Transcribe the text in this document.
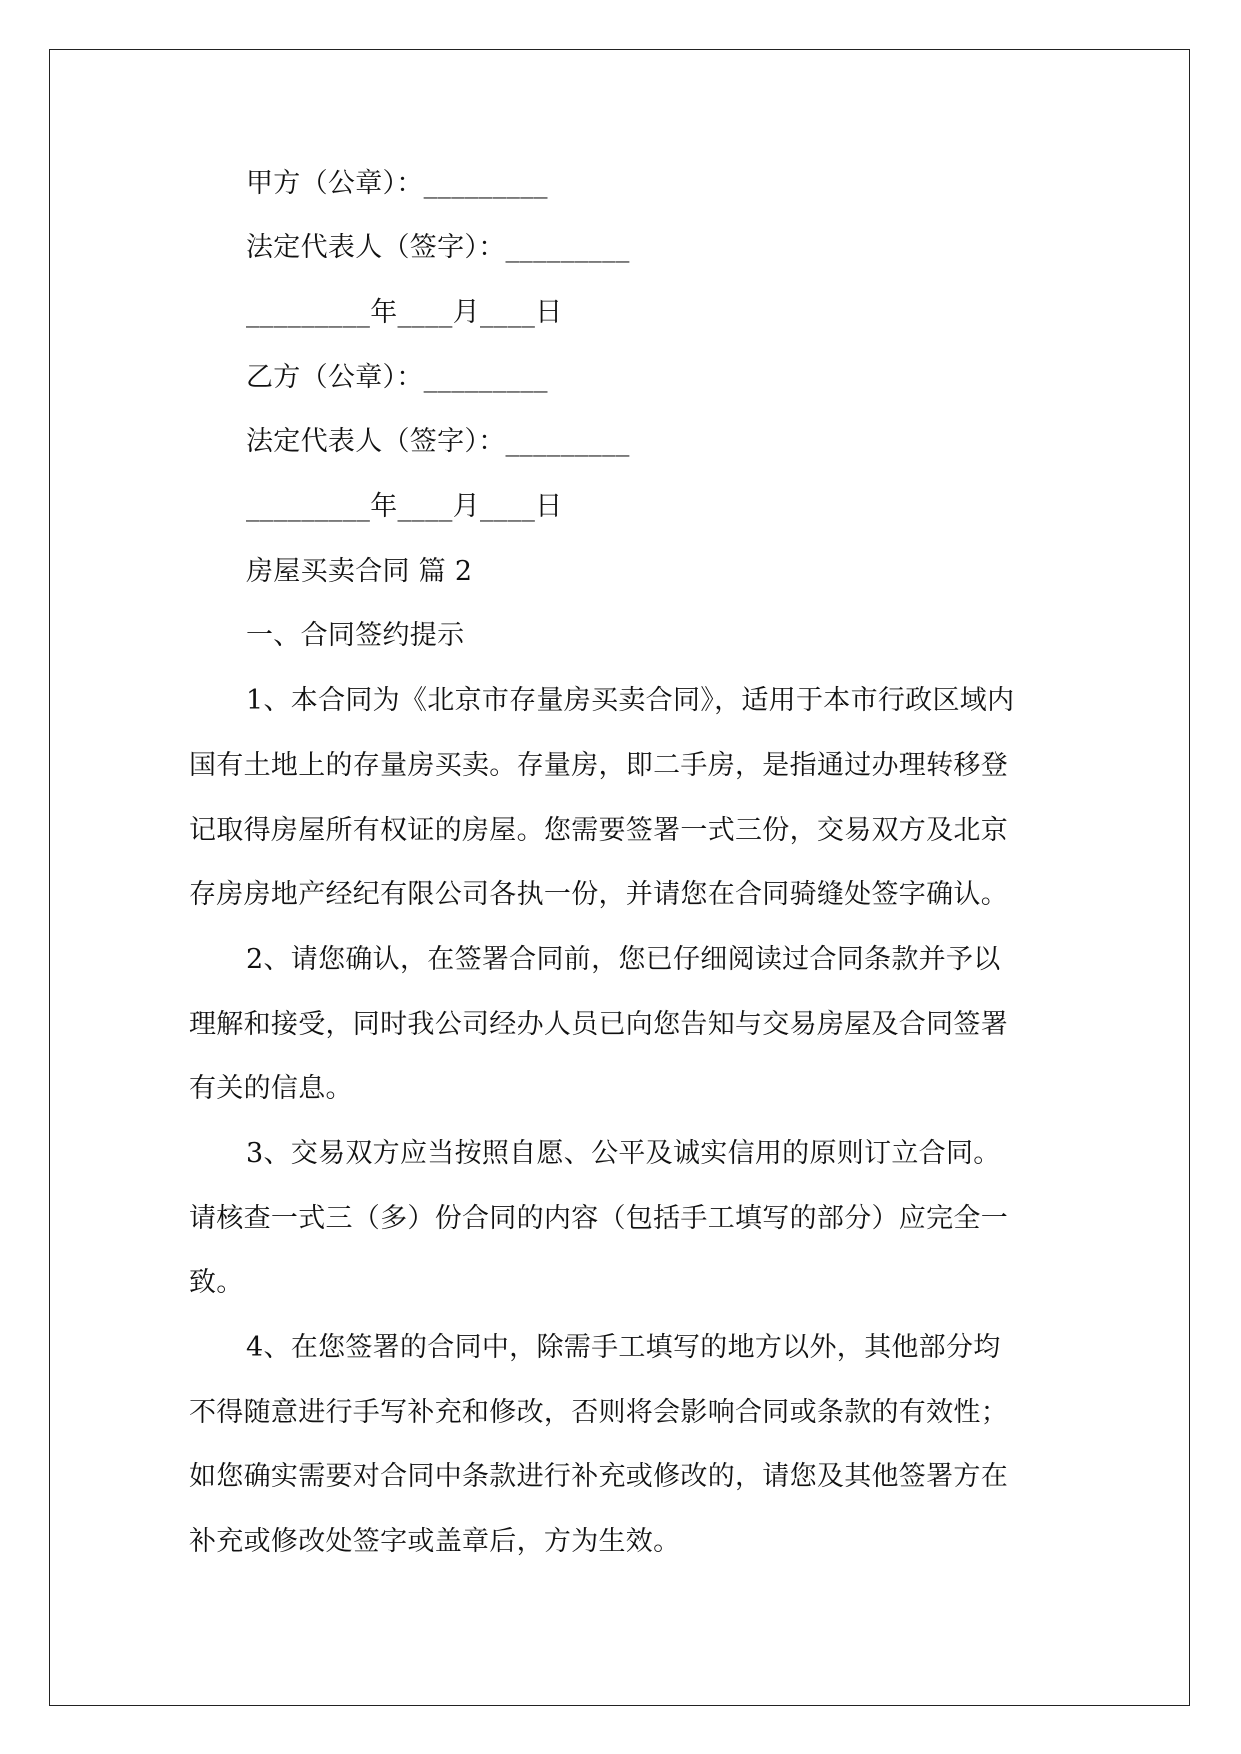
甲方（公章）：_________
法定代表人（签字）：_________
_________年____月____日
乙方（公章）：_________
法定代表人（签字）：_________
_________年____月____日
房屋买卖合同 篇 2
一、合同签约提示
1、本合同为《北京市存量房买卖合同》，适用于本市行政区域内
国有土地上的存量房买卖。存量房，即二手房，是指通过办理转移登
记取得房屋所有权证的房屋。您需要签署一式三份，交易双方及北京
存房房地产经纪有限公司各执一份，并请您在合同骑缝处签字确认。
2、请您确认，在签署合同前，您已仔细阅读过合同条款并予以
理解和接受，同时我公司经办人员已向您告知与交易房屋及合同签署
有关的信息。
3、交易双方应当按照自愿、公平及诚实信用的原则订立合同。
请核查一式三（多）份合同的内容（包括手工填写的部分）应完全一
致。
4、在您签署的合同中，除需手工填写的地方以外，其他部分均
不得随意进行手写补充和修改，否则将会影响合同或条款的有效性；
如您确实需要对合同中条款进行补充或修改的，请您及其他签署方在
补充或修改处签字或盖章后，方为生效。
